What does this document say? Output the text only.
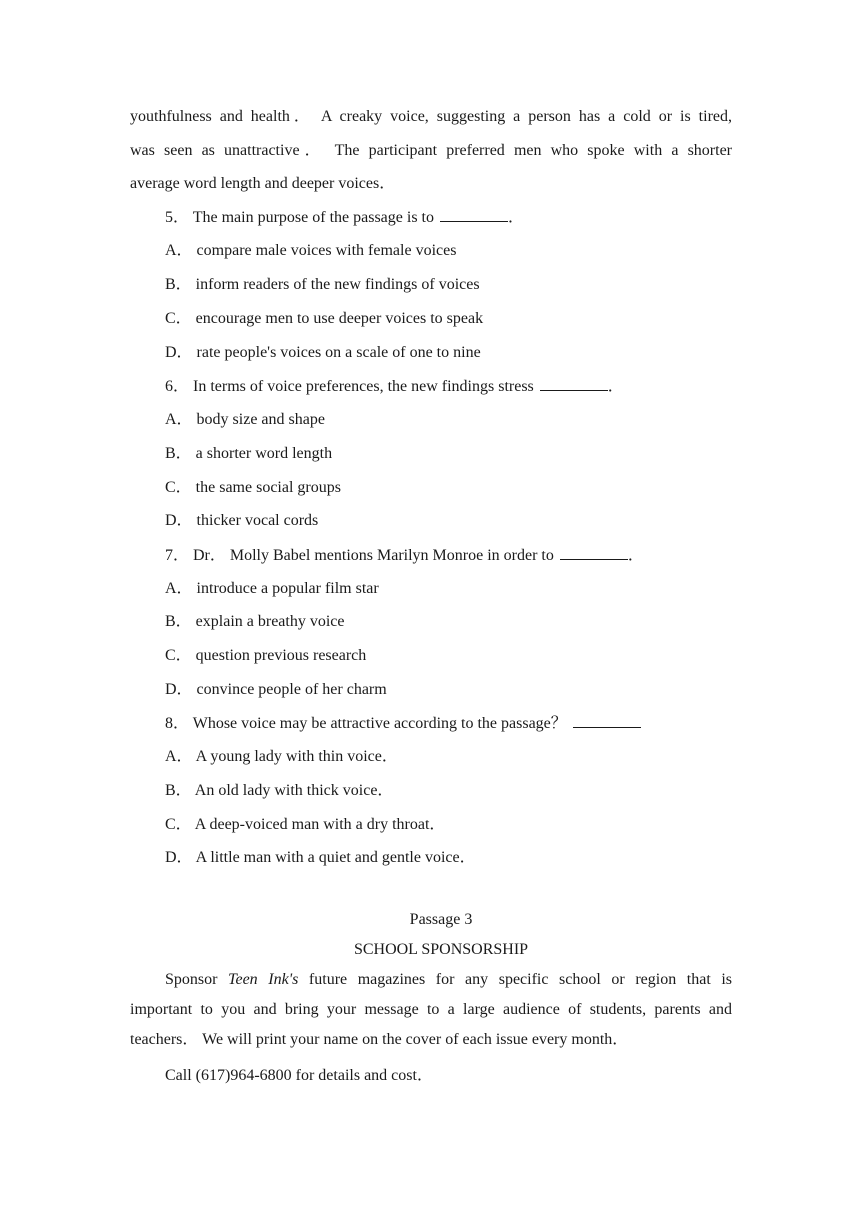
youthfulness and health． A creaky voice, suggesting a person has a cold or is tired,
was seen as unattractive． The participant preferred men who spoke with a shorter
average word length and deeper voices．
5． The main purpose of the passage is to	．
A． compare male voices with female voices
B． inform readers of the new findings of voices
C． encourage men to use deeper voices to speak
D． rate people's voices on a scale of one to nine
6． In terms of voice preferences, the new findings stress	．
A． body size and shape
B． a shorter word length
C． the same social groups
D． thicker vocal cords
7． Dr． Molly Babel mentions Marilyn Monroe in order to	．
A． introduce a popular film star
B． explain a breathy voice
C． question previous research
D． convince people of her charm
8． Whose voice may be attractive according to the passage？
A． A young lady with thin voice．
B． An old lady with thick voice．
C． A deep-voiced man with a dry throat．
D． A little man with a quiet and gentle voice．
Passage 3
SCHOOL SPONSORSHIP
Sponsor Teen Ink's future magazines for any specific school or region that is
important to you and bring your message to a large audience of students, parents and
teachers． We will print your name on the cover of each issue every month．
Call (617)964-6800 for details and cost．
